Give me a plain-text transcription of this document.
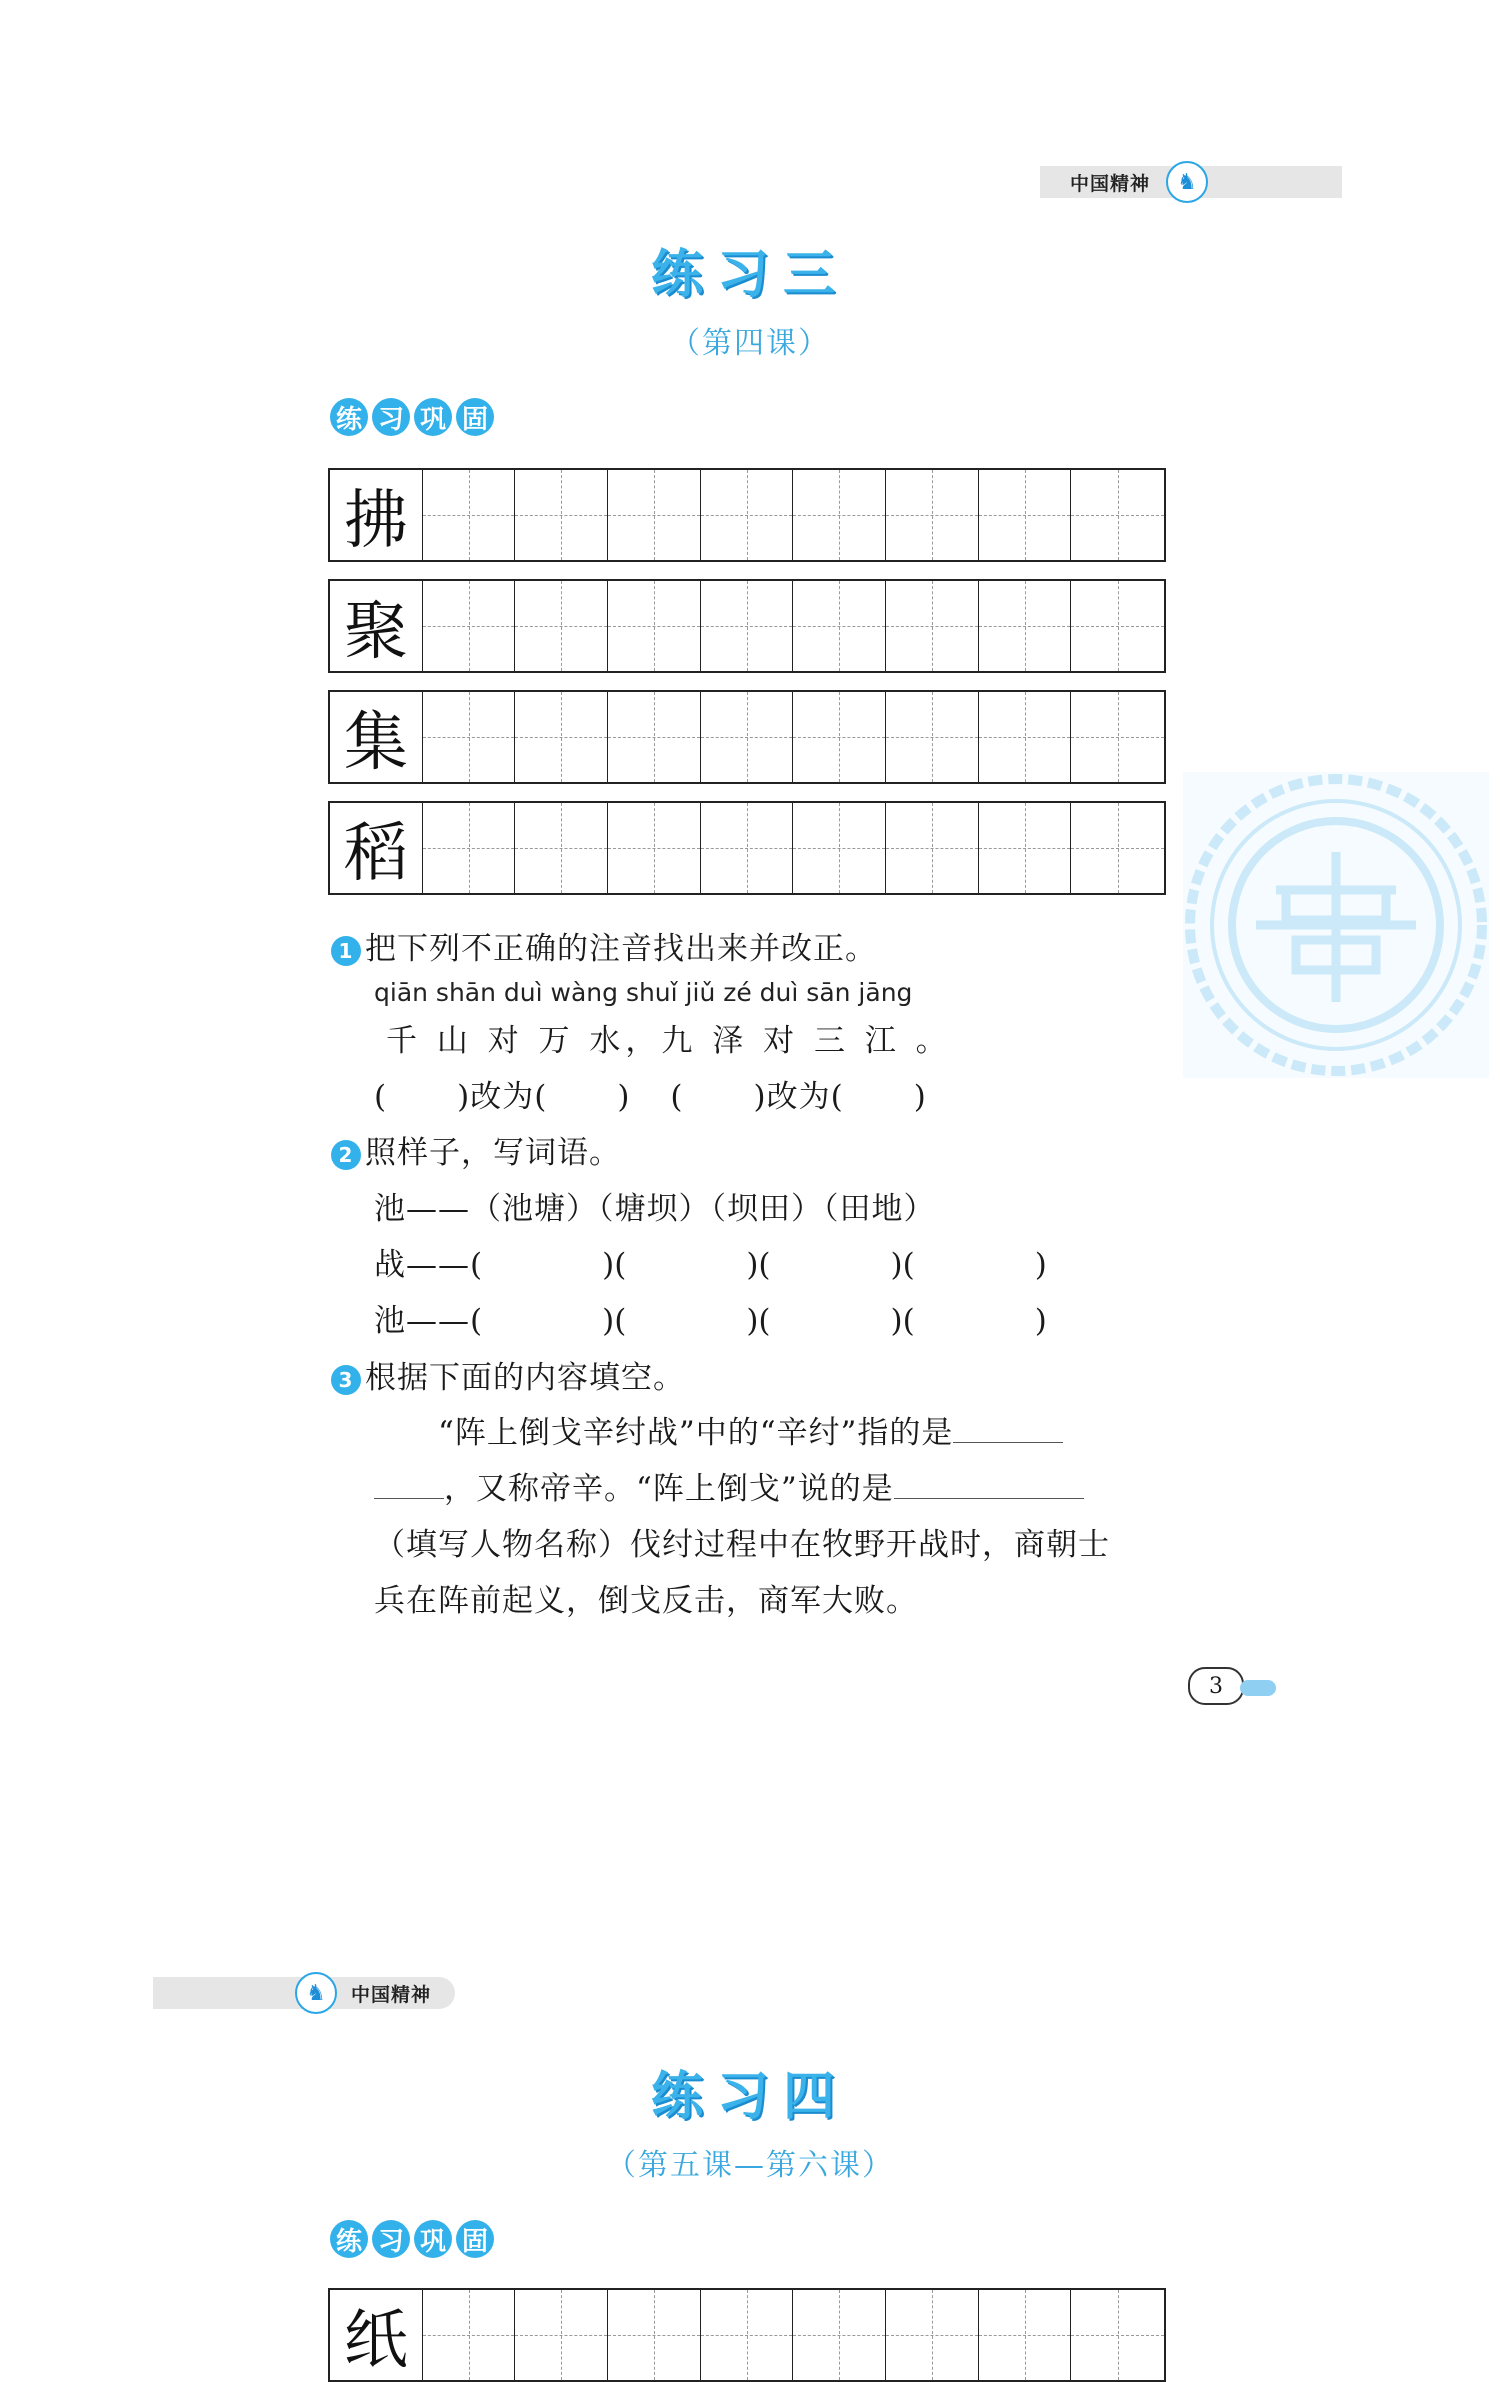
中国精神	♞
练习三
（第四课）
练 习 巩 固
拂
聚
集
稻
1 把下列不正确的注音找出来并改正。
qiān shān duì wàng shuǐ jiǔ zé duì sān jāng
千 山 对 万 水，九 泽 对 三 江 。
( )改为( ) ( )改为( )
2 照样子，写词语。
池——（池塘）（塘坝）（坝田）（田地）
战——(	)(	)(	)(	)
池——(	)(	)(	)(	)
3 根据下面的内容填空。
“阵上倒戈辛纣战”中的“辛纣”指的是
，又称帝辛。“阵上倒戈”说的是
（填写人物名称）伐纣过程中在牧野开战时，商朝士
兵在阵前起义，倒戈反击，商军大败。
3
♞	中国精神
练习四
（第五课—第六课）
练 习 巩 固
纸
